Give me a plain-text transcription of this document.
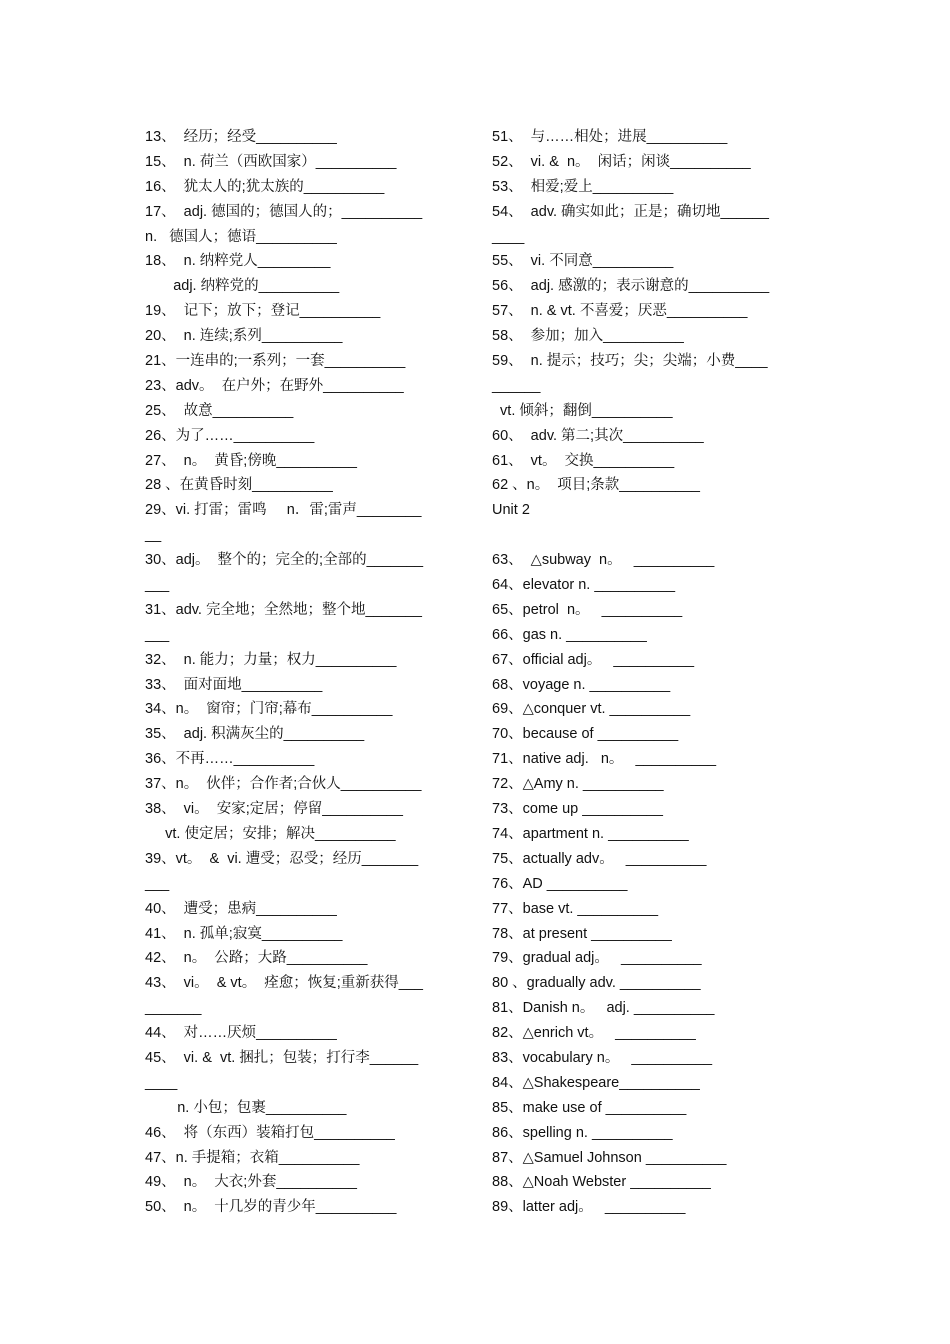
13、  经历；经受__________
15、  n. 荷兰（西欧国家）__________
16、  犹太人的;犹太族的__________
17、  adj. 德国的；德国人的；__________
n.   德国人；德语__________
18、  n. 纳粹党人_________
adj. 纳粹党的__________
19、  记下；放下；登记__________
20、  n. 连续;系列__________
21、一连串的;一系列；一套__________
23、adv。  在户外；在野外__________
25、  故意__________
26、为了……__________
27、  n。  黄昏;傍晚__________
28 、在黄昏时刻__________
29、vi. 打雷；雷鸣     n．雷;雷声________
__
30、adj。  整个的；完全的;全部的_______
___
31、adv. 完全地；全然地；整个地_______
___
32、  n. 能力；力量；权力__________
33、  面对面地__________
34、n。  窗帘；门帘;幕布__________
35、  adj. 积满灰尘的__________
36、不再……__________
37、n。  伙伴；合作者;合伙人__________
38、  vi。  安家;定居；停留__________
vt. 使定居；安排；解决__________
39、vt。  &  vi. 遭受；忍受；经历_______
___
40、  遭受；患病__________
41、  n. 孤单;寂寞__________
42、  n。  公路；大路__________
43、  vi。  & vt。  痊愈；恢复;重新获得___
_______
44、  对……厌烦__________
45、  vi. &  vt. 捆扎；包装；打行李______
____
n. 小包；包裹__________
46、  将（东西）装箱打包__________
47、n. 手提箱；衣箱__________
49、  n。  大衣;外套__________
50、  n。  十几岁的青少年__________
51、  与……相处；进展__________
52、  vi. &  n。  闲话；闲谈__________
53、  相爱;爱上__________
54、  adv. 确实如此；正是；确切地______
____
55、  vi. 不同意__________
56、  adj. 感激的；表示谢意的__________
57、  n. & vt. 不喜爱；厌恶__________
58、  参加；加入__________
59、  n. 提示；技巧；尖；尖端；小费____
______
vt. 倾斜；翻倒__________
60、  adv. 第二;其次__________
61、  vt。  交换__________
62 、n。  项目;条款__________
Unit 2
63、  △subway  n。   __________
64、elevator n. __________
65、petrol  n。   __________
66、gas n. __________
67、official adj。   __________
68、voyage n. __________
69、△conquer vt. __________
70、because of __________
71、native adj.   n。   __________
72、△Amy n. __________
73、come up __________
74、apartment n. __________
75、actually adv。   __________
76、AD __________
77、base vt. __________
78、at present __________
79、gradual adj。   __________
80 、gradually adv. __________
81、Danish n。   adj. __________
82、△enrich vt。   __________
83、vocabulary n。   __________
84、△Shakespeare__________
85、make use of __________
86、spelling n. __________
87、△Samuel Johnson __________
88、△Noah Webster __________
89、latter adj。   __________
